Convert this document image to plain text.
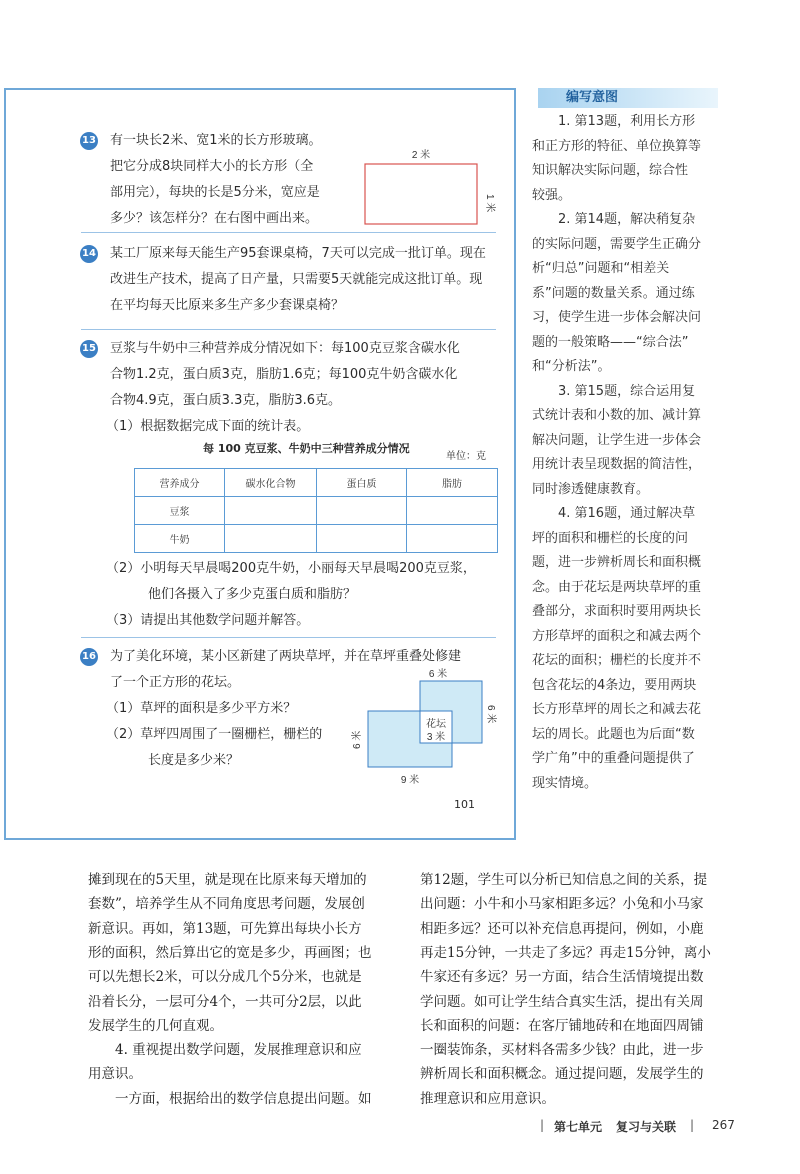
13 有一块长2米、宽1米的长方形玻璃。
把它分成8块同样大小的长方形（全
部用完），每块的长是5分米，宽应是
多少？该怎样分？在右图中画出来。
2 米
1 米
14 某工厂原来每天能生产95套课桌椅，7天可以完成一批订单。现在
改进生产技术，提高了日产量，只需要5天就能完成这批订单。现
在平均每天比原来多生产多少套课桌椅？
15 豆浆与牛奶中三种营养成分情况如下：每100克豆浆含碳水化
合物1.2克，蛋白质3克，脂肪1.6克；每100克牛奶含碳水化
合物4.9克，蛋白质3.3克，脂肪3.6克。
（1）根据数据完成下面的统计表。
每 100 克豆浆、牛奶中三种营养成分情况
单位：克
营养成分	碳水化合物	蛋白质	脂肪
豆浆			
牛奶			
（2）小明每天早晨喝200克牛奶，小丽每天早晨喝200克豆浆，
他们各摄入了多少克蛋白质和脂肪？
（3）请提出其他数学问题并解答。
16 为了美化环境，某小区新建了两块草坪，并在草坪重叠处修建
了一个正方形的花坛。
（1）草坪的面积是多少平方米？
（2）草坪四周围了一圈栅栏，栅栏的
长度是多少米？
6 米
花坛
3 米
6 米
6 米
9 米
101
编写意图
　　1. 第13题，利用长方形
和正方形的特征、单位换算等
知识解决实际问题，综合性
较强。
　　2. 第14题，解决稍复杂
的实际问题，需要学生正确分
析“归总”问题和“相差关
系”问题的数量关系。通过练
习，使学生进一步体会解决问
题的一般策略——“综合法”
和“分析法”。
　　3. 第15题，综合运用复
式统计表和小数的加、减计算
解决问题，让学生进一步体会
用统计表呈现数据的简洁性，
同时渗透健康教育。
　　4. 第16题，通过解决草
坪的面积和栅栏的长度的问
题，进一步辨析周长和面积概
念。由于花坛是两块草坪的重
叠部分，求面积时要用两块长
方形草坪的面积之和减去两个
花坛的面积；栅栏的长度并不
包含花坛的4条边，要用两块
长方形草坪的周长之和减去花
坛的周长。此题也为后面“数
学广角”中的重叠问题提供了
现实情境。
摊到现在的5天里，就是现在比原来每天增加的
套数”，培养学生从不同角度思考问题，发展创
新意识。再如，第13题，可先算出每块小长方
形的面积，然后算出它的宽是多少，再画图；也
可以先想长2米，可以分成几个5分米，也就是
沿着长分，一层可分4个，一共可分2层，以此
发展学生的几何直观。
　　4. 重视提出数学问题，发展推理意识和应
用意识。
　　一方面，根据给出的数学信息提出问题。如
第12题，学生可以分析已知信息之间的关系，提
出问题：小牛和小马家相距多远？小兔和小马家
相距多远？还可以补充信息再提问，例如，小鹿
再走15分钟，一共走了多远？再走15分钟，离小
牛家还有多远？另一方面，结合生活情境提出数
学问题。如可让学生结合真实生活，提出有关周
长和面积的问题：在客厅铺地砖和在地面四周铺
一圈装饰条，买材料各需多少钱？由此，进一步
辨析周长和面积概念。通过提问题，发展学生的
推理意识和应用意识。
| 第七单元 复习与关联 | 267
